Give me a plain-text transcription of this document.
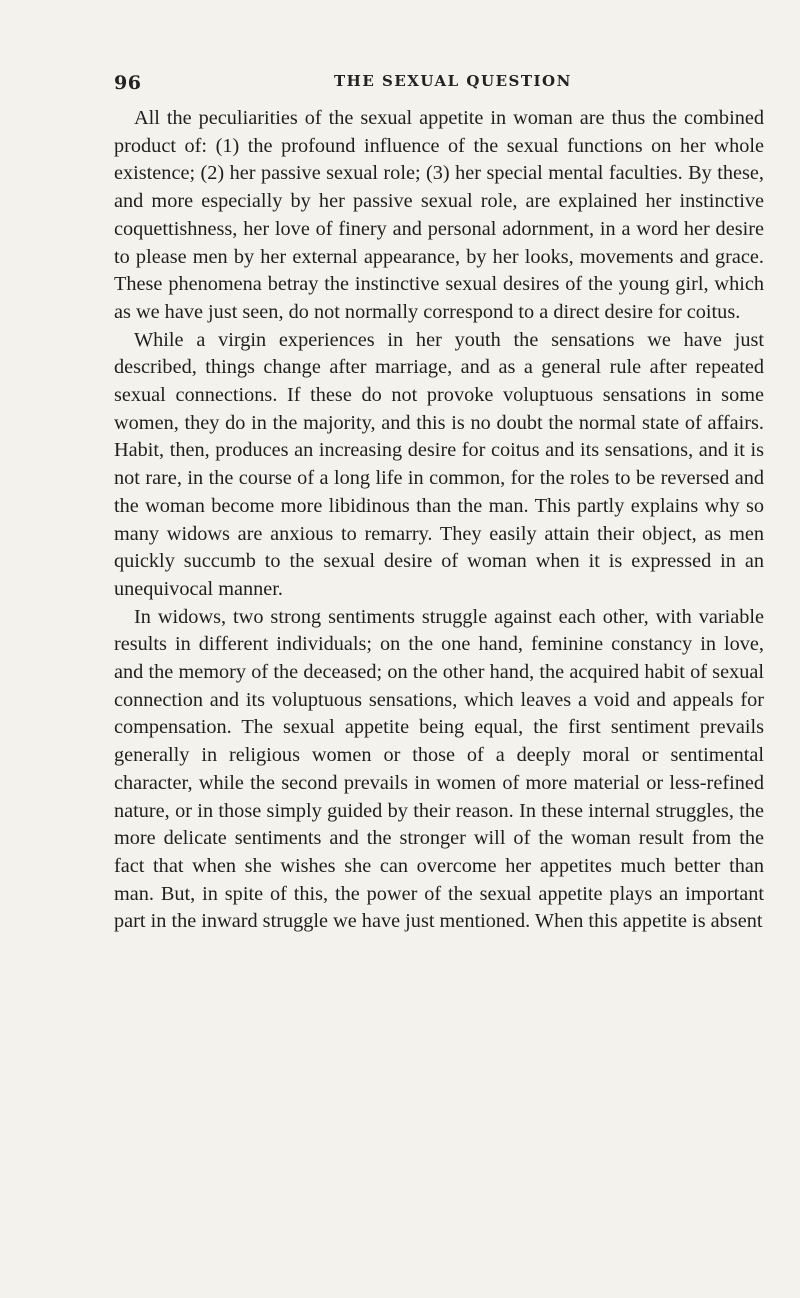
96	THE SEXUAL QUESTION

All the peculiarities of the sexual appetite in woman are thus the combined product of: (1) the profound influence of the sexual functions on her whole existence; (2) her passive sexual role; (3) her special mental faculties. By these, and more especially by her passive sexual role, are explained her instinctive coquettishness, her love of finery and personal adornment, in a word her desire to please men by her external appearance, by her looks, movements and grace. These phenomena betray the instinctive sexual desires of the young girl, which as we have just seen, do not normally correspond to a direct desire for coitus.

While a virgin experiences in her youth the sensations we have just described, things change after marriage, and as a general rule after repeated sexual connections. If these do not provoke voluptuous sensations in some women, they do in the majority, and this is no doubt the normal state of affairs. Habit, then, produces an increasing desire for coitus and its sensations, and it is not rare, in the course of a long life in common, for the roles to be reversed and the woman become more libidinous than the man. This partly explains why so many widows are anxious to remarry. They easily attain their object, as men quickly succumb to the sexual desire of woman when it is expressed in an unequivocal manner.

In widows, two strong sentiments struggle against each other, with variable results in different individuals; on the one hand, feminine constancy in love, and the memory of the deceased; on the other hand, the acquired habit of sexual connection and its voluptuous sensations, which leaves a void and appeals for compensation. The sexual appetite being equal, the first sentiment prevails generally in religious women or those of a deeply moral or sentimental character, while the second prevails in women of more material or less-refined nature, or in those simply guided by their reason. In these internal struggles, the more delicate sentiments and the stronger will of the woman result from the fact that when she wishes she can overcome her appetites much better than man. But, in spite of this, the power of the sexual appetite plays an important part in the inward struggle we have just mentioned. When this appetite is absent
